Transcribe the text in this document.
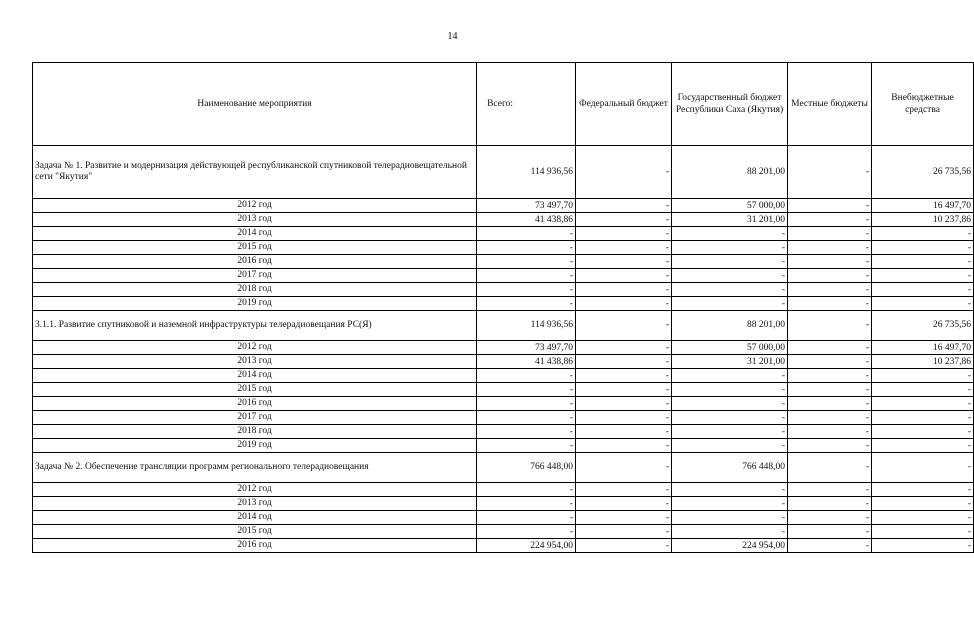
14
Наименование мероприятия	Всего:	Федеральный бюджет	Государственный бюджет Республики Саха (Якутия)	Местные бюджеты	Внебюджетные средства
Задача № 1. Развитие и модернизация действующей республиканской спутниковой телерадиовещательной сети "Якутия"	114 936,56	-	88 201,00	-	26 735,56
2012 год	73 497,70	-	57 000,00	-	16 497,70
2013 год	41 438,86	-	31 201,00	-	10 237,86
2014 год	-	-	-	-	-
2015 год	-	-	-	-	-
2016 год	-	-	-	-	-
2017 год	-	-	-	-	-
2018 год	-	-	-	-	-
2019 год	-	-	-	-	-
3.1.1. Развитие спутниковой и наземной инфраструктуры телерадиовещания РС(Я)	114 936,56	-	88 201,00	-	26 735,56
2012 год	73 497,70	-	57 000,00	-	16 497,70
2013 год	41 438,86	-	31 201,00	-	10 237,86
2014 год	-	-	-	-	-
2015 год	-	-	-	-	-
2016 год	-	-	-	-	-
2017 год	-	-	-	-	-
2018 год	-	-	-	-	-
2019 год	-	-	-	-	-
Задача № 2. Обеспечение трансляции программ регионального телерадиовещания	766 448,00	-	766 448,00	-	-
2012 год	-	-	-	-	-
2013 год	-	-	-	-	-
2014 год	-	-	-	-	-
2015 год	-	-	-	-	-
2016 год	224 954,00	-	224 954,00	-	-
